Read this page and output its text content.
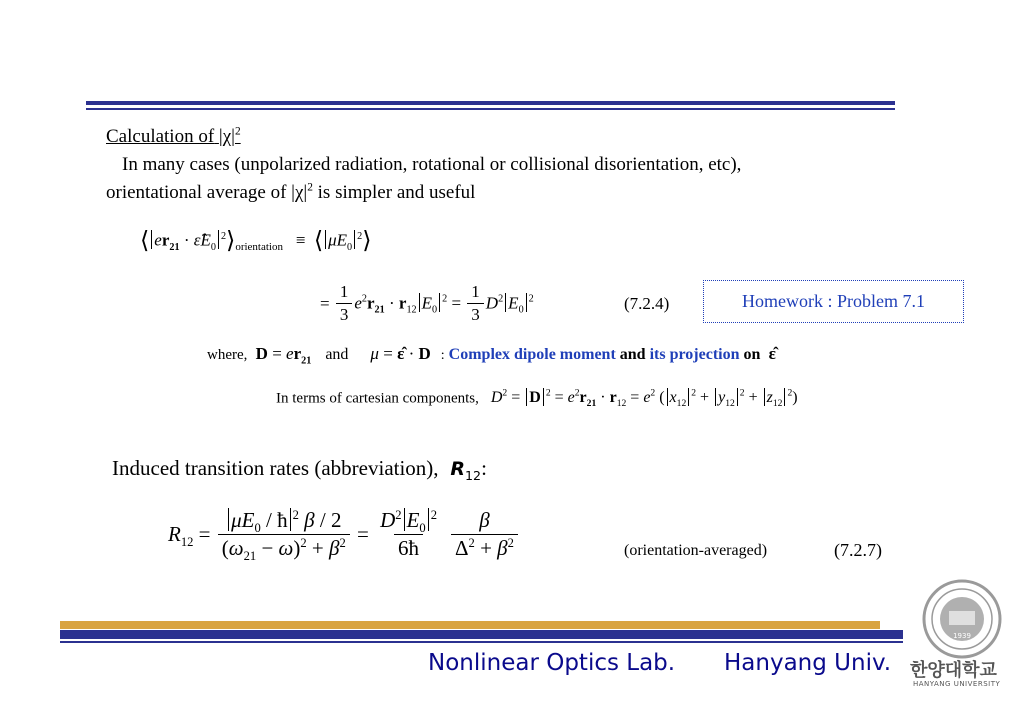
Calculation of $|\chi|^2$
In many cases (unpolarized radiation, rotational or collisional disorientation, etc),
orientational average of $|\chi|^2$ is simpler and useful
⟨ $er_{21}$ · $\varepsilon̂E_0^2⟩_{orientation}$ ≡ ⟨ $\mu E_0^2⟩$
= $\frac{1}{3} e^2r_{21} \cdot r_{12}$ $E_0^2 = \frac{1}{3} D^2$ $E_0^2$	(7.2.4)	Homework : Problem 7.1
where, $D = er_{21}$ and μ = ε̂ · D : Complex dipole moment and its projection on  ε̂
In terms of cartesian components, $D^2 = D$ $^2 = e^2r_{21} \cdot r_{12} = e^2$ ( $x_{12}^2 + y_{12}^2 + z_{12}^2$)
Induced transition rates (abbreviation),  $R_{12}$:
$R_{12} = \frac{\mu E_0 / ħ ^2 \beta / 2}{(\omega_{21} - \omega)^2 + \beta^2} = \frac{D^2 E_0^2}{6ħ} \frac{\beta}{\Delta^2 + \beta^2}$	(orientation-averaged)	(7.2.7)
Nonlinear Optics Lab. Hanyang Univ.
1939
한양대학교
HANYANG UNIVERSITY
